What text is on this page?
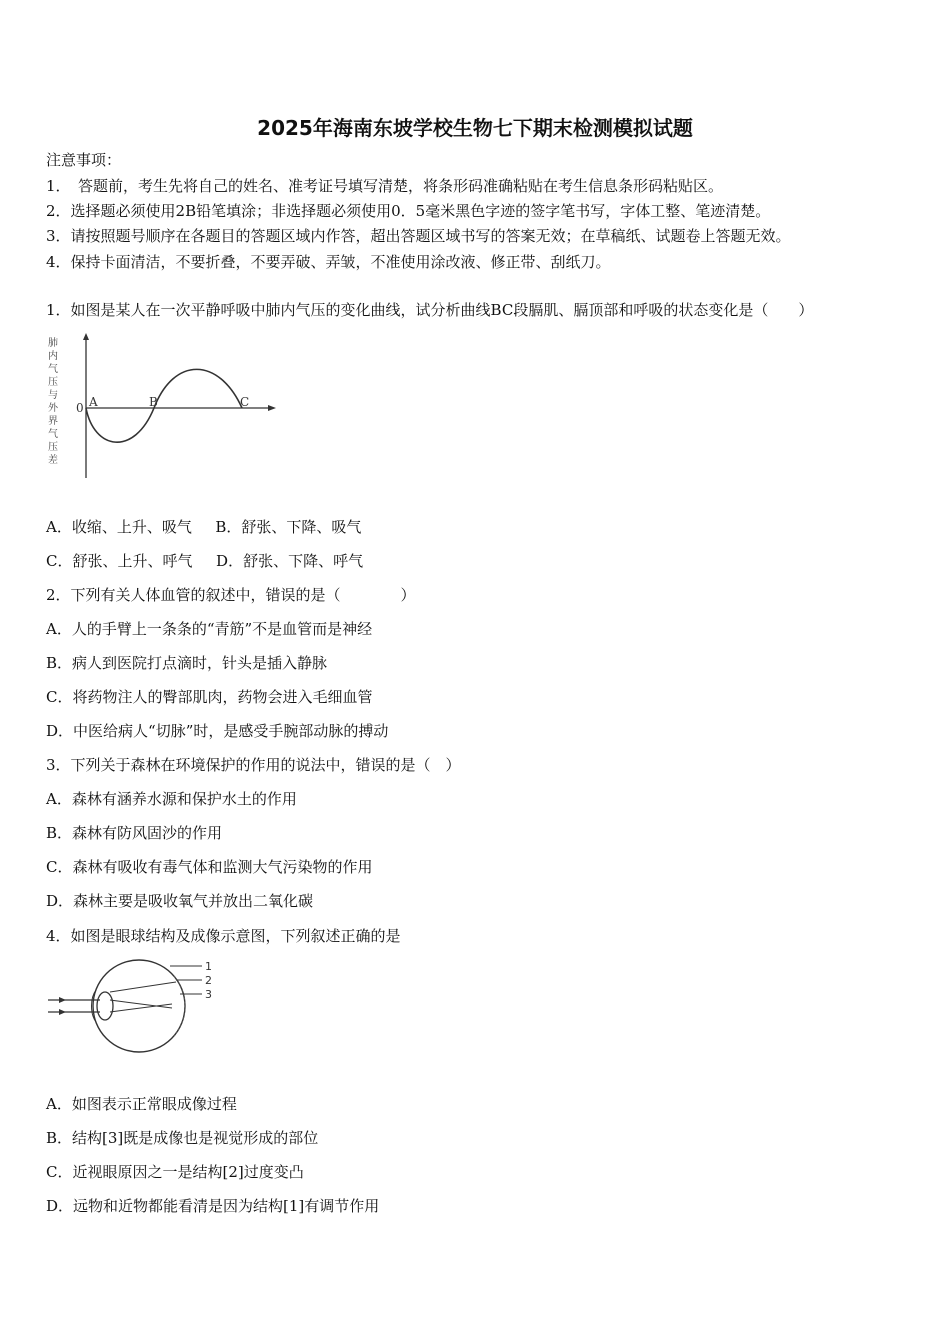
2025年海南东坡学校生物七下期末检测模拟试题
注意事项：
1．　答题前，考生先将自己的姓名、准考证号填写清楚，将条形码准确粘贴在考生信息条形码粘贴区。
2．选择题必须使用2B铅笔填涂；非选择题必须使用0．5毫米黑色字迹的签字笔书写，字体工整、笔迹清楚。
3．请按照题号顺序在各题目的答题区域内作答，超出答题区域书写的答案无效；在草稿纸、试题卷上答题无效。
4．保持卡面清洁，不要折叠，不要弄破、弄皱，不准使用涂改液、修正带、刮纸刀。
1．如图是某人在一次平静呼吸中肺内气压的变化曲线，试分析曲线BC段膈肌、膈顶部和呼吸的状态变化是（　　）
肺
内
气
压
与
外
界
气
压
差
0 A	B	C
A．收缩、上升、吸气 B．舒张、下降、吸气
C．舒张、上升、呼气 D．舒张、下降、呼气
2．下列有关人体血管的叙述中，错误的是（　　　　）
A．人的手臂上一条条的“青筋”不是血管而是神经
B．病人到医院打点滴时，针头是插入静脉
C．将药物注人的臀部肌肉，药物会进入毛细血管
D．中医给病人“切脉”时，是感受手腕部动脉的搏动
3．下列关于森林在环境保护的作用的说法中，错误的是（　）
A．森林有涵养水源和保护水土的作用
B．森林有防风固沙的作用
C．森林有吸收有毒气体和监测大气污染物的作用
D．森林主要是吸收氧气并放出二氧化碳
4．如图是眼球结构及成像示意图，下列叙述正确的是
1
2
3
A．如图表示正常眼成像过程
B．结构[3]既是成像也是视觉形成的部位
C．近视眼原因之一是结构[2]过度变凸
D．远物和近物都能看清是因为结构[1]有调节作用
